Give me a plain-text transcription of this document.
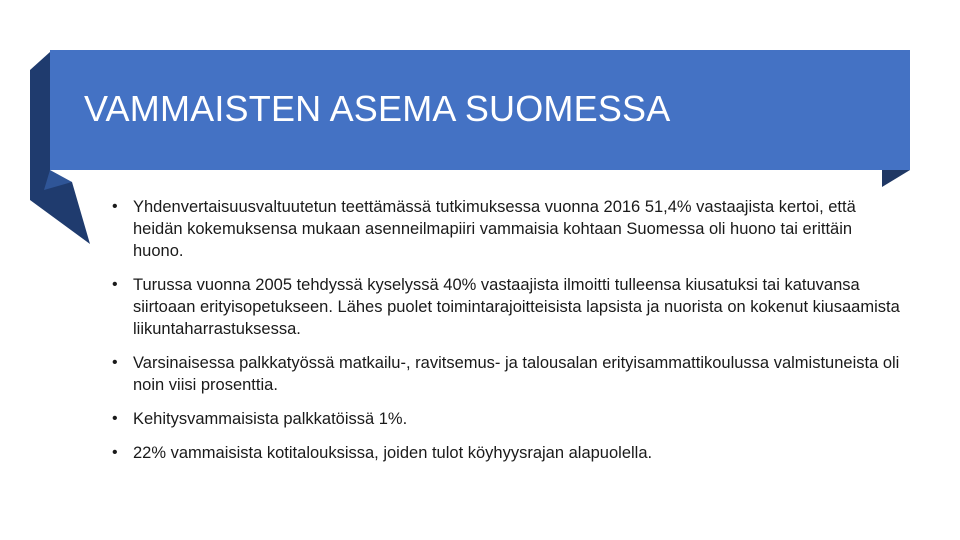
VAMMAISTEN ASEMA SUOMESSA
• Yhdenvertaisuusvaltuutetun teettämässä tutkimuksessa vuonna 2016 51,4% vastaajista kertoi, että heidän kokemuksensa mukaan asenneilmapiiri vammaisia kohtaan Suomessa oli huono tai erittäin huono.
• Turussa vuonna 2005 tehdyssä kyselyssä 40% vastaajista ilmoitti tulleensa kiusatuksi tai katuvansa siirtoaan erityisopetukseen. Lähes puolet toimintarajoitteisista lapsista ja nuorista on kokenut kiusaamista liikuntaharrastuksessa.
• Varsinaisessa palkkatyössä matkailu-, ravitsemus- ja talousalan erityisammattikoulussa valmistuneista oli noin viisi prosenttia.
• Kehitysvammaisista palkkatöissä 1%.
• 22% vammaisista kotitalouksissa, joiden tulot köyhyysrajan alapuolella.
